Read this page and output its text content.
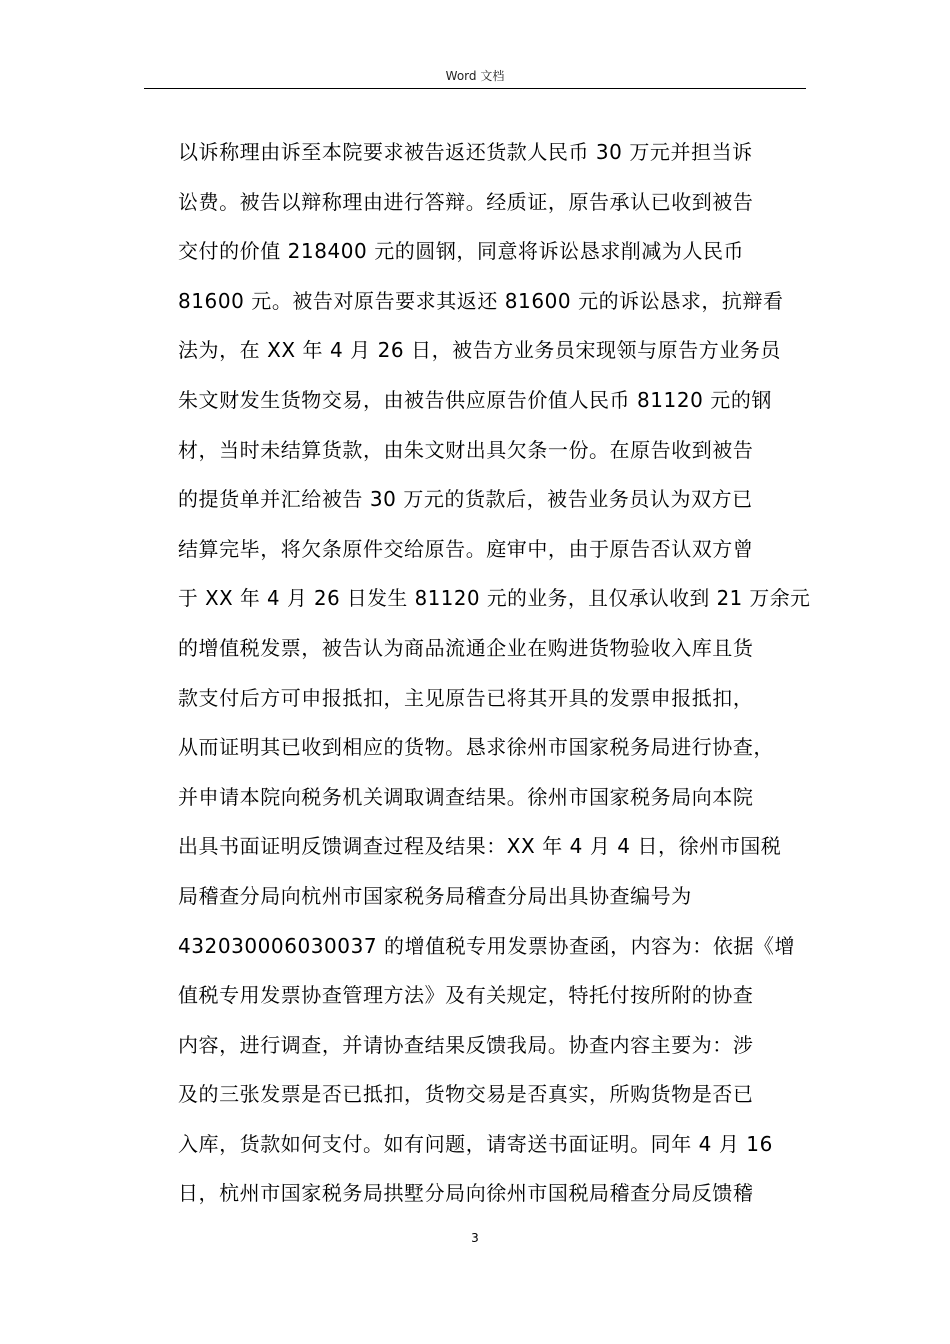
Word 文档
以诉称理由诉至本院要求被告返还货款人民币 30 万元并担当诉
讼费。被告以辩称理由进行答辩。经质证，原告承认已收到被告
交付的价值 218400 元的圆钢，同意将诉讼恳求削减为人民币
81600 元。被告对原告要求其返还 81600 元的诉讼恳求，抗辩看
法为，在 XX 年 4 月 26 日，被告方业务员宋现领与原告方业务员
朱文财发生货物交易，由被告供应原告价值人民币 81120 元的钢
材，当时未结算货款，由朱文财出具欠条一份。在原告收到被告
的提货单并汇给被告 30 万元的货款后，被告业务员认为双方已
结算完毕，将欠条原件交给原告。庭审中，由于原告否认双方曾
于 XX 年 4 月 26 日发生 81120 元的业务，且仅承认收到 21 万余元
的增值税发票，被告认为商品流通企业在购进货物验收入库且货
款支付后方可申报抵扣，主见原告已将其开具的发票申报抵扣，
从而证明其已收到相应的货物。恳求徐州市国家税务局进行协查，
并申请本院向税务机关调取调查结果。徐州市国家税务局向本院
出具书面证明反馈调查过程及结果：XX 年 4 月 4 日，徐州市国税
局稽查分局向杭州市国家税务局稽查分局出具协查编号为
432030006030037 的增值税专用发票协查函，内容为：依据《增
值税专用发票协查管理方法》及有关规定，特托付按所附的协查
内容，进行调查，并请协查结果反馈我局。协查内容主要为：涉
及的三张发票是否已抵扣，货物交易是否真实，所购货物是否已
入库，货款如何支付。如有问题，请寄送书面证明。同年 4 月 16
日，杭州市国家税务局拱墅分局向徐州市国税局稽查分局反馈稽
3
